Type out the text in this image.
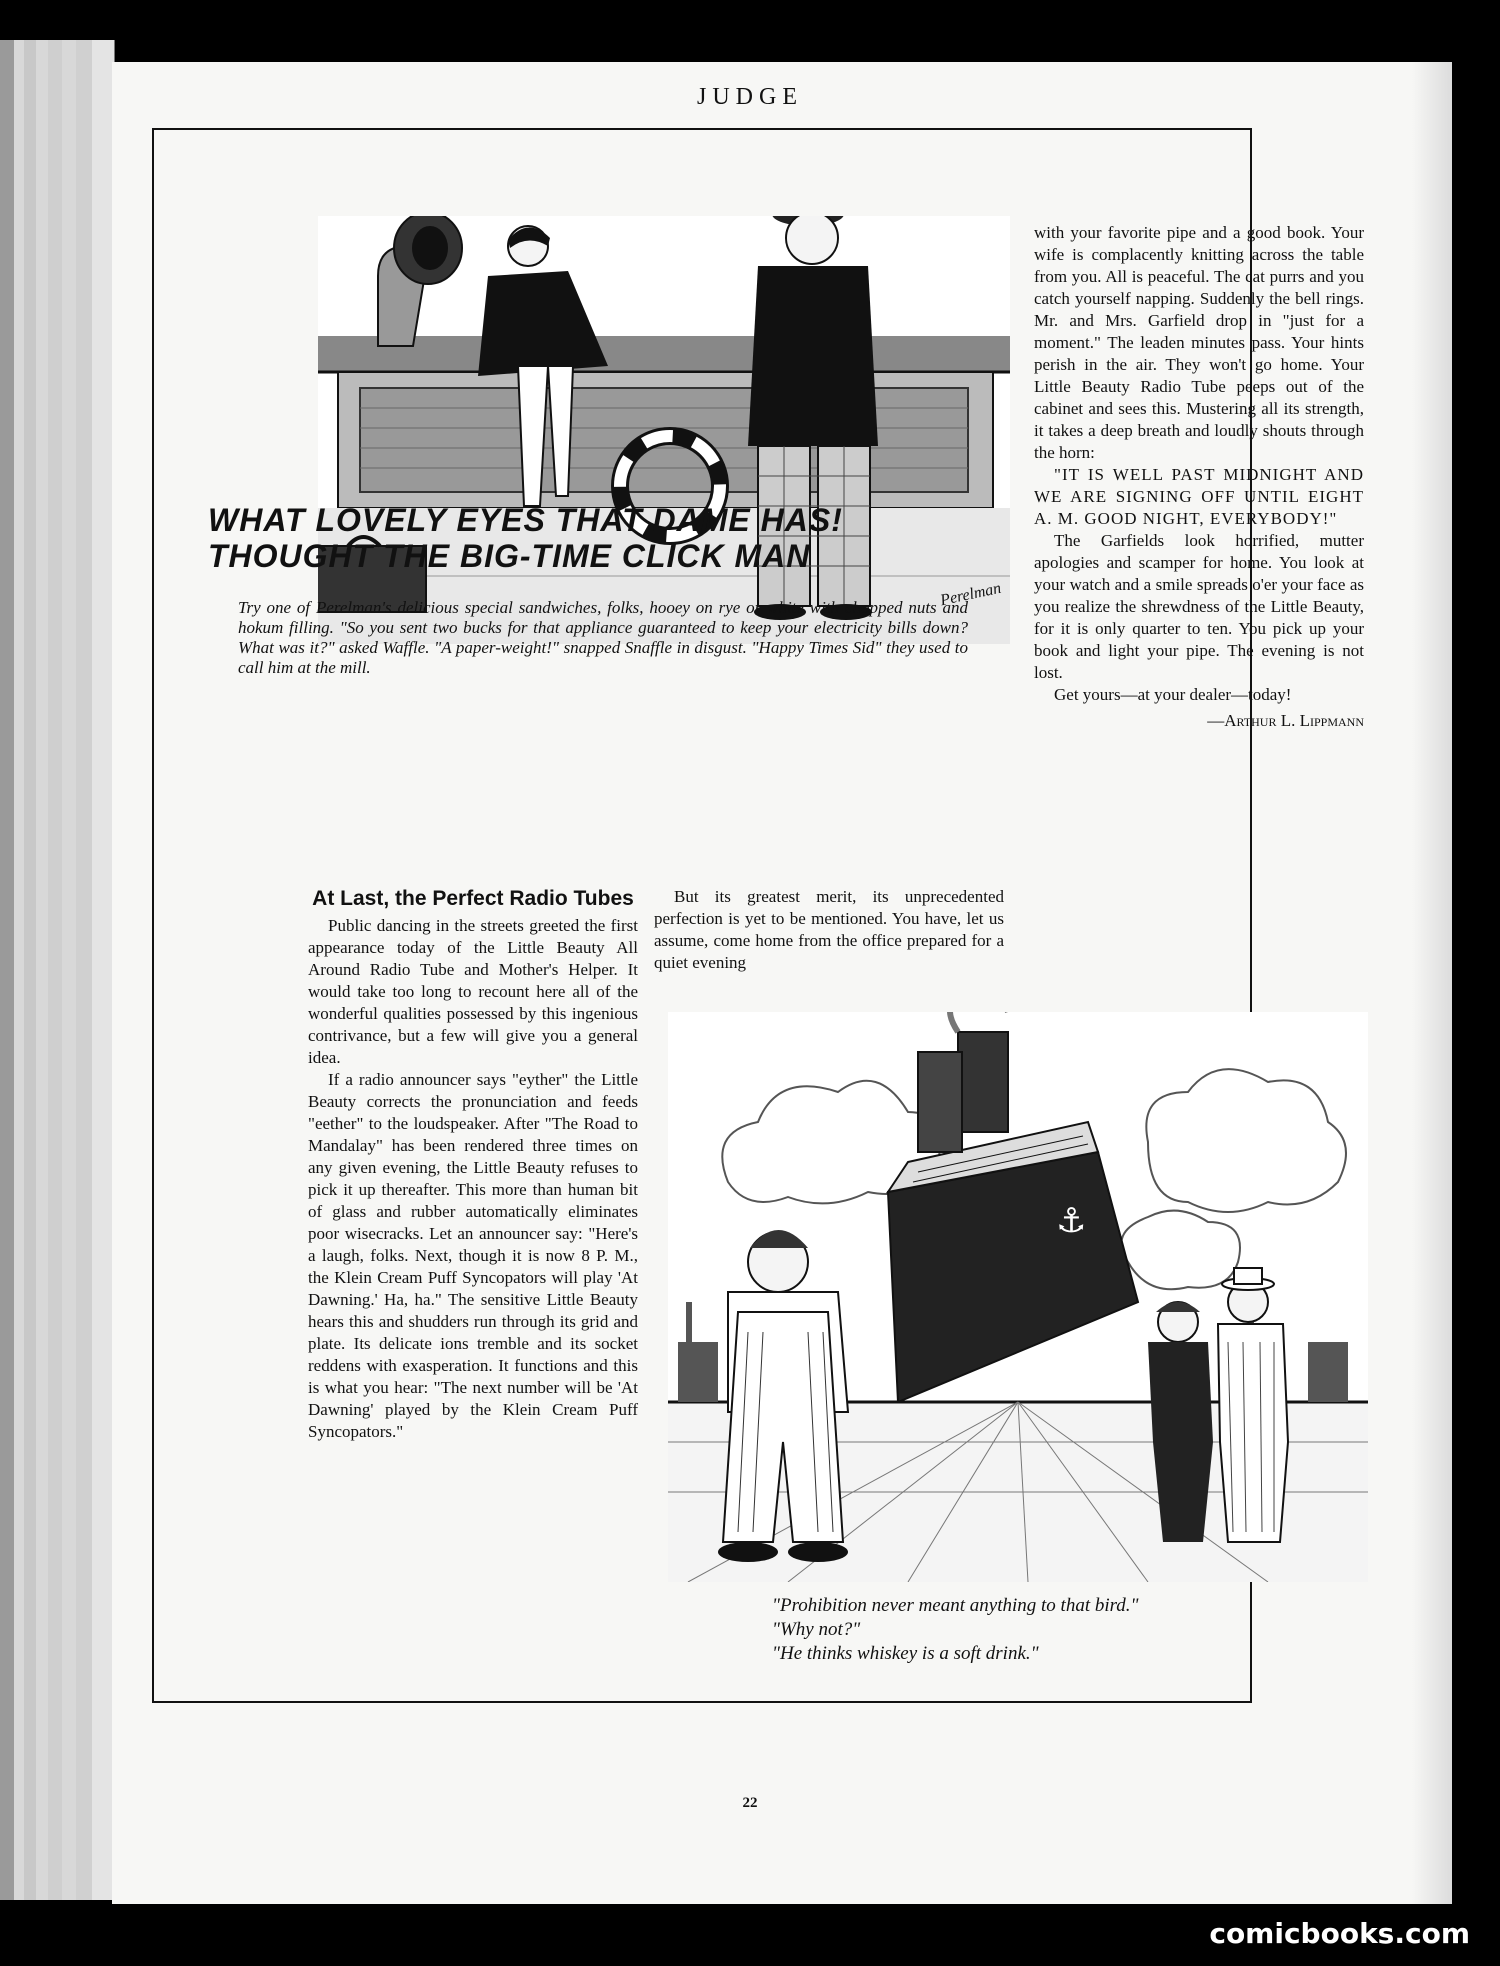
JUDGE
Perelman
WHAT LOVELY EYES THAT DAME HAS!
THOUGHT THE BIG-TIME CLICK MAN
Try one of Perelman's delicious special sandwiches, folks, hooey on rye or white with chopped nuts and hokum filling. "So you sent two bucks for that appliance guaranteed to keep your electricity bills down? What was it?" asked Waffle. "A paper-weight!" snapped Snaffle in disgust. "Happy Times Sid" they used to call him at the mill.
At Last, the Perfect Radio Tubes

Public dancing in the streets greeted the first appearance today of the Little Beauty All Around Radio Tube and Mother's Helper. It would take too long to recount here all of the wonderful qualities possessed by this ingenious contrivance, but a few will give you a general idea.

If a radio announcer says "eyther" the Little Beauty corrects the pronunciation and feeds "eether" to the loudspeaker. After "The Road to Mandalay" has been rendered three times on any given evening, the Little Beauty refuses to pick it up thereafter. This more than human bit of glass and rubber automatically eliminates poor wisecracks. Let an announcer say: "Here's a laugh, folks. Next, though it is now 8 P. M., the Klein Cream Puff Syncopators will play 'At Dawning.' Ha, ha." The sensitive Little Beauty hears this and shudders run through its grid and plate. Its delicate ions tremble and its socket reddens with exasperation. It functions and this is what you hear: "The next number will be 'At Dawning' played by the Klein Cream Puff Syncopators."

But its greatest merit, its unprecedented perfection is yet to be mentioned. You have, let us assume, come home from the office prepared for a quiet evening

with your favorite pipe and a good book. Your wife is complacently knitting across the table from you. All is peaceful. The cat purrs and you catch yourself napping. Suddenly the bell rings. Mr. and Mrs. Garfield drop in "just for a moment." The leaden minutes pass. Your hints perish in the air. They won't go home. Your Little Beauty Radio Tube peeps out of the cabinet and sees this. Mustering all its strength, it takes a deep breath and loudly shouts through the horn:

"IT IS WELL PAST MIDNIGHT AND WE ARE SIGNING OFF UNTIL EIGHT A. M. GOOD NIGHT, EVERYBODY!"

The Garfields look horrified, mutter apologies and scamper for home. You look at your watch and a smile spreads o'er your face as you realize the shrewdness of the Little Beauty, for it is only quarter to ten. You pick up your book and light your pipe. The evening is not lost.

Get yours—at your dealer—today!

—Arthur L. Lippmann
⚓
"Prohibition never meant anything to that bird."
"Why not?"
"He thinks whiskey is a soft drink."
22
comicbooks.com
